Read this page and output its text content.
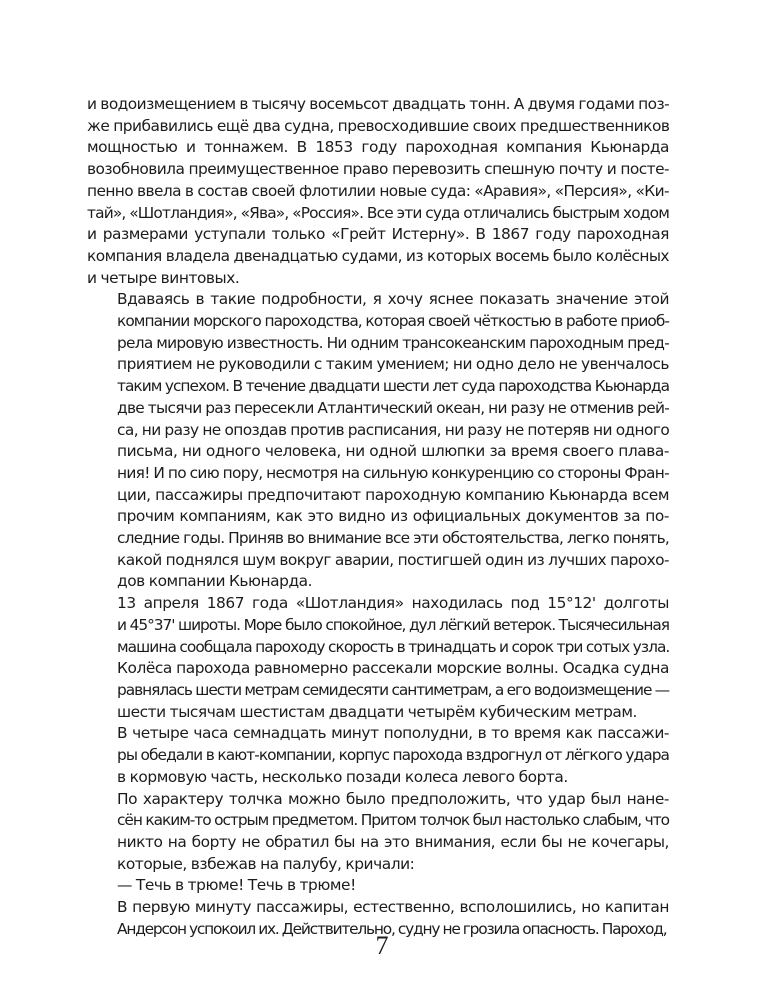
и водоизмещением в тысячу восемьсот двадцать тонн. А двумя годами поз-
же прибавились ещё два судна, превосходившие своих предшественников
мощностью и тоннажем. В 1853 году пароходная компания Кьюнарда
возобновила преимущественное право перевозить спешную почту и посте-
пенно ввела в состав своей флотилии новые суда: «Аравия», «Персия», «Ки-
тай», «Шотландия», «Ява», «Россия». Все эти суда отличались быстрым ходом
и размерами уступали только «Грейт Истерну». В 1867 году пароходная
компания владела двенадцатью судами, из которых восемь было колёсных
и четыре винтовых.

Вдаваясь в такие подробности, я хочу яснее показать значение этой
компании морского пароходства, которая своей чёткостью в работе приоб-
рела мировую известность. Ни одним трансокеанским пароходным пред-
приятием не руководили с таким умением; ни одно дело не увенчалось
таким успехом. В течение двадцати шести лет суда пароходства Кьюнарда
две тысячи раз пересекли Атлантический океан, ни разу не отменив рей-
са, ни разу не опоздав против расписания, ни разу не потеряв ни одного
письма, ни одного человека, ни одной шлюпки за время своего плава-
ния! И по сию пору, несмотря на сильную конкуренцию со стороны Фран-
ции, пассажиры предпочитают пароходную компанию Кьюнарда всем
прочим компаниям, как это видно из официальных документов за по-
следние годы. Приняв во внимание все эти обстоятельства, легко понять,
какой поднялся шум вокруг аварии, постигшей один из лучших парохо-
дов компании Кьюнарда.

13 апреля 1867 года «Шотландия» находилась под 15°12' долготы
и 45°37' широты. Море было спокойное, дул лёгкий ветерок. Тысячесильная
машина сообщала пароходу скорость в тринадцать и сорок три сотых узла.
Колёса парохода равномерно рассекали морские волны. Осадка судна
равнялась шести метрам семидесяти сантиметрам, а его водоизмещение —
шести тысячам шестистам двадцати четырём кубическим метрам.

В четыре часа семнадцать минут пополудни, в то время как пассажи-
ры обедали в кают-компании, корпус парохода вздрогнул от лёгкого удара
в кормовую часть, несколько позади колеса левого борта.

По характеру толчка можно было предположить, что удар был нане-
сён каким-то острым предметом. Притом толчок был настолько слабым, что
никто на борту не обратил бы на это внимания, если бы не кочегары,
которые, взбежав на палубу, кричали:

— Течь в трюме! Течь в трюме!

В первую минуту пассажиры, естественно, всполошились, но капитан
Андерсон успокоил их. Действительно, судну не грозила опасность. Пароход,

7
